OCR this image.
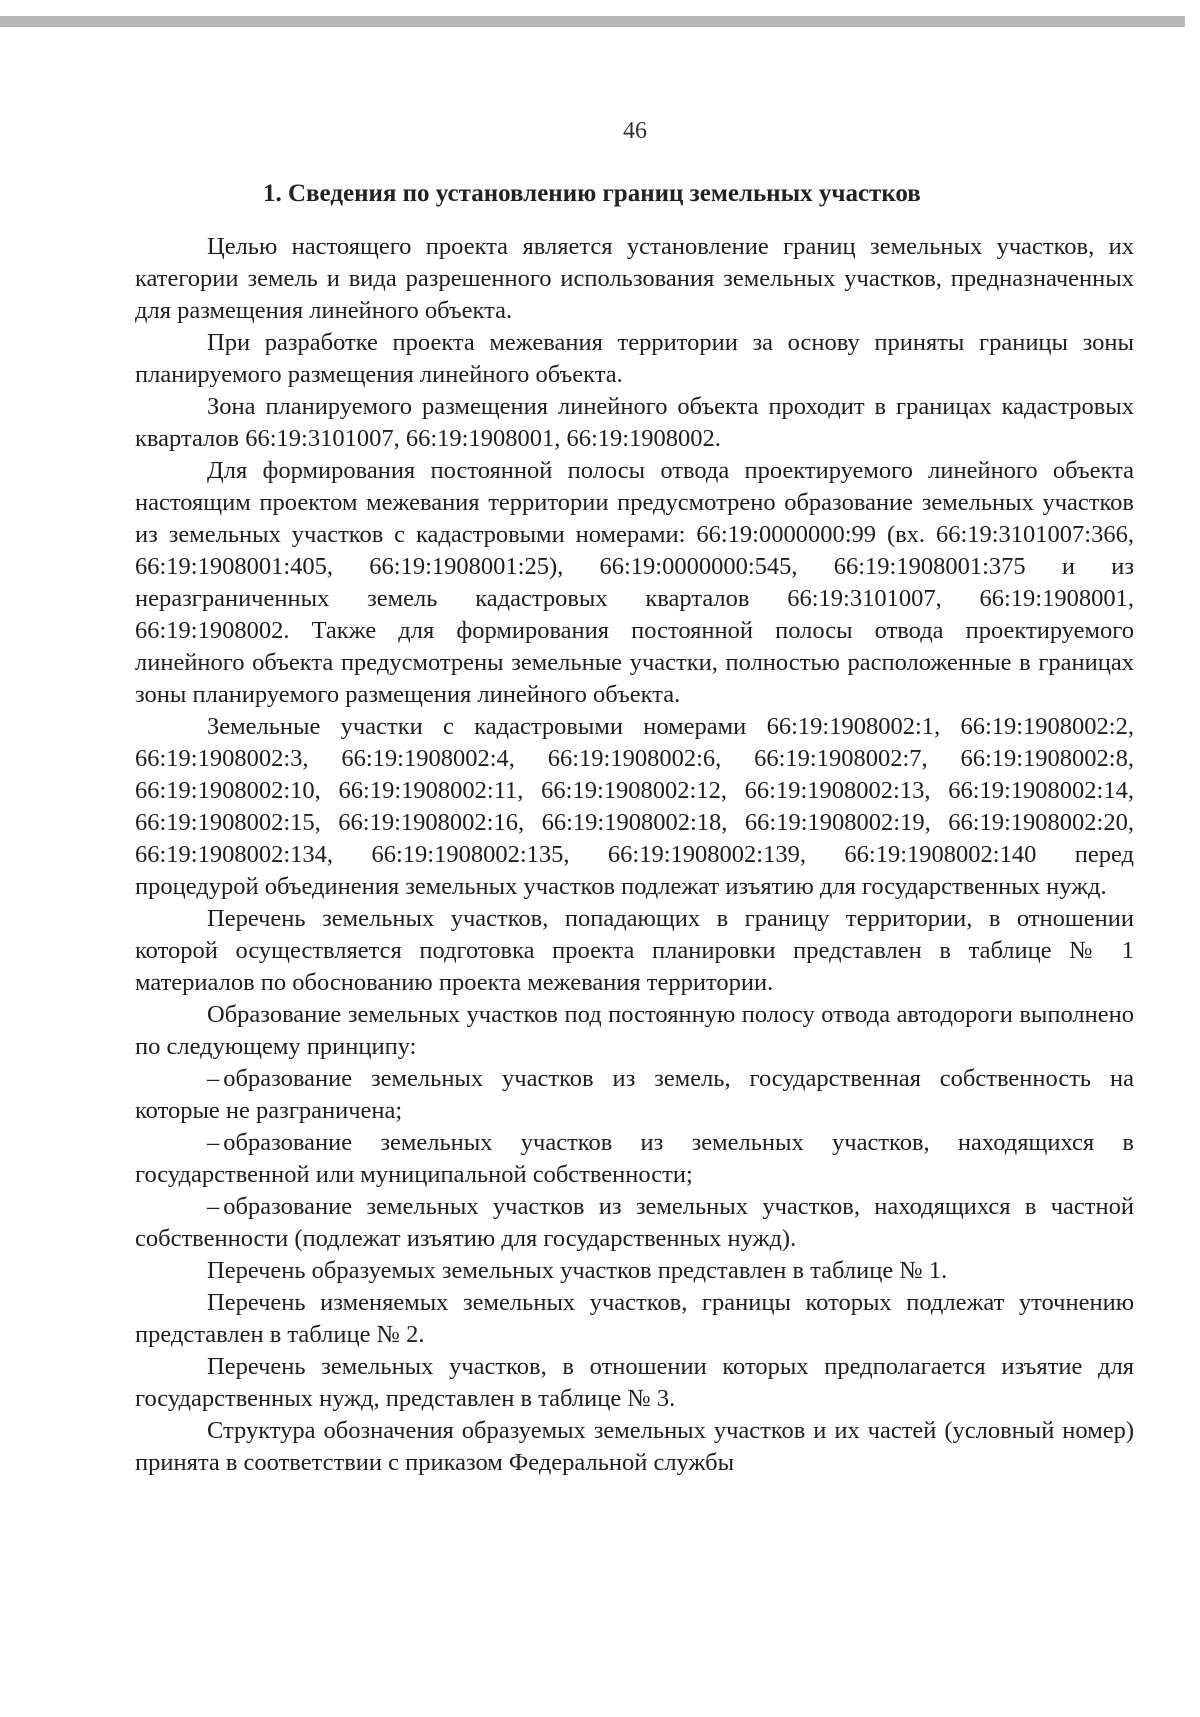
46
1. Сведения по установлению границ земельных участков

Целью настоящего проекта является установление границ земельных участков, их категории земель и вида разрешенного использования земельных участков, предназначенных для размещения линейного объекта.

При разработке проекта межевания территории за основу приняты границы зоны планируемого размещения линейного объекта.

Зона планируемого размещения линейного объекта проходит в границах кадастровых кварталов 66:19:3101007, 66:19:1908001, 66:19:1908002.

Для формирования постоянной полосы отвода проектируемого линейного объекта настоящим проектом межевания территории предусмотрено образование земельных участков из земельных участков с кадастровыми номерами: 66:19:0000000:99 (вх. 66:19:3101007:366, 66:19:1908001:405, 66:19:1908001:25), 66:19:0000000:545, 66:19:1908001:375 и из неразграниченных земель кадастровых кварталов 66:19:3101007, 66:19:1908001, 66:19:1908002. Также для формирования постоянной полосы отвода проектируемого линейного объекта предусмотрены земельные участки, полностью расположенные в границах зоны планируемого размещения линейного объекта.

Земельные участки с кадастровыми номерами 66:19:1908002:1, 66:19:1908002:2, 66:19:1908002:3, 66:19:1908002:4, 66:19:1908002:6, 66:19:1908002:7, 66:19:1908002:8, 66:19:1908002:10, 66:19:1908002:11, 66:19:1908002:12, 66:19:1908002:13, 66:19:1908002:14, 66:19:1908002:15, 66:19:1908002:16, 66:19:1908002:18, 66:19:1908002:19, 66:19:1908002:20, 66:19:1908002:134, 66:19:1908002:135, 66:19:1908002:139, 66:19:1908002:140 перед процедурой объединения земельных участков подлежат изъятию для государственных нужд.

Перечень земельных участков, попадающих в границу территории, в отношении которой осуществляется подготовка проекта планировки представлен в таблице № 1 материалов по обоснованию проекта межевания территории.

Образование земельных участков под постоянную полосу отвода автодороги выполнено по следующему принципу:

– образование земельных участков из земель, государственная собственность на которые не разграничена;

– образование земельных участков из земельных участков, находящихся в государственной или муниципальной собственности;

– образование земельных участков из земельных участков, находящихся в частной собственности (подлежат изъятию для государственных нужд).

Перечень образуемых земельных участков представлен в таблице № 1.

Перечень изменяемых земельных участков, границы которых подлежат уточнению представлен в таблице № 2.

Перечень земельных участков, в отношении которых предполагается изъятие для государственных нужд, представлен в таблице № 3.

Структура обозначения образуемых земельных участков и их частей (условный номер) принята в соответствии с приказом Федеральной службы
